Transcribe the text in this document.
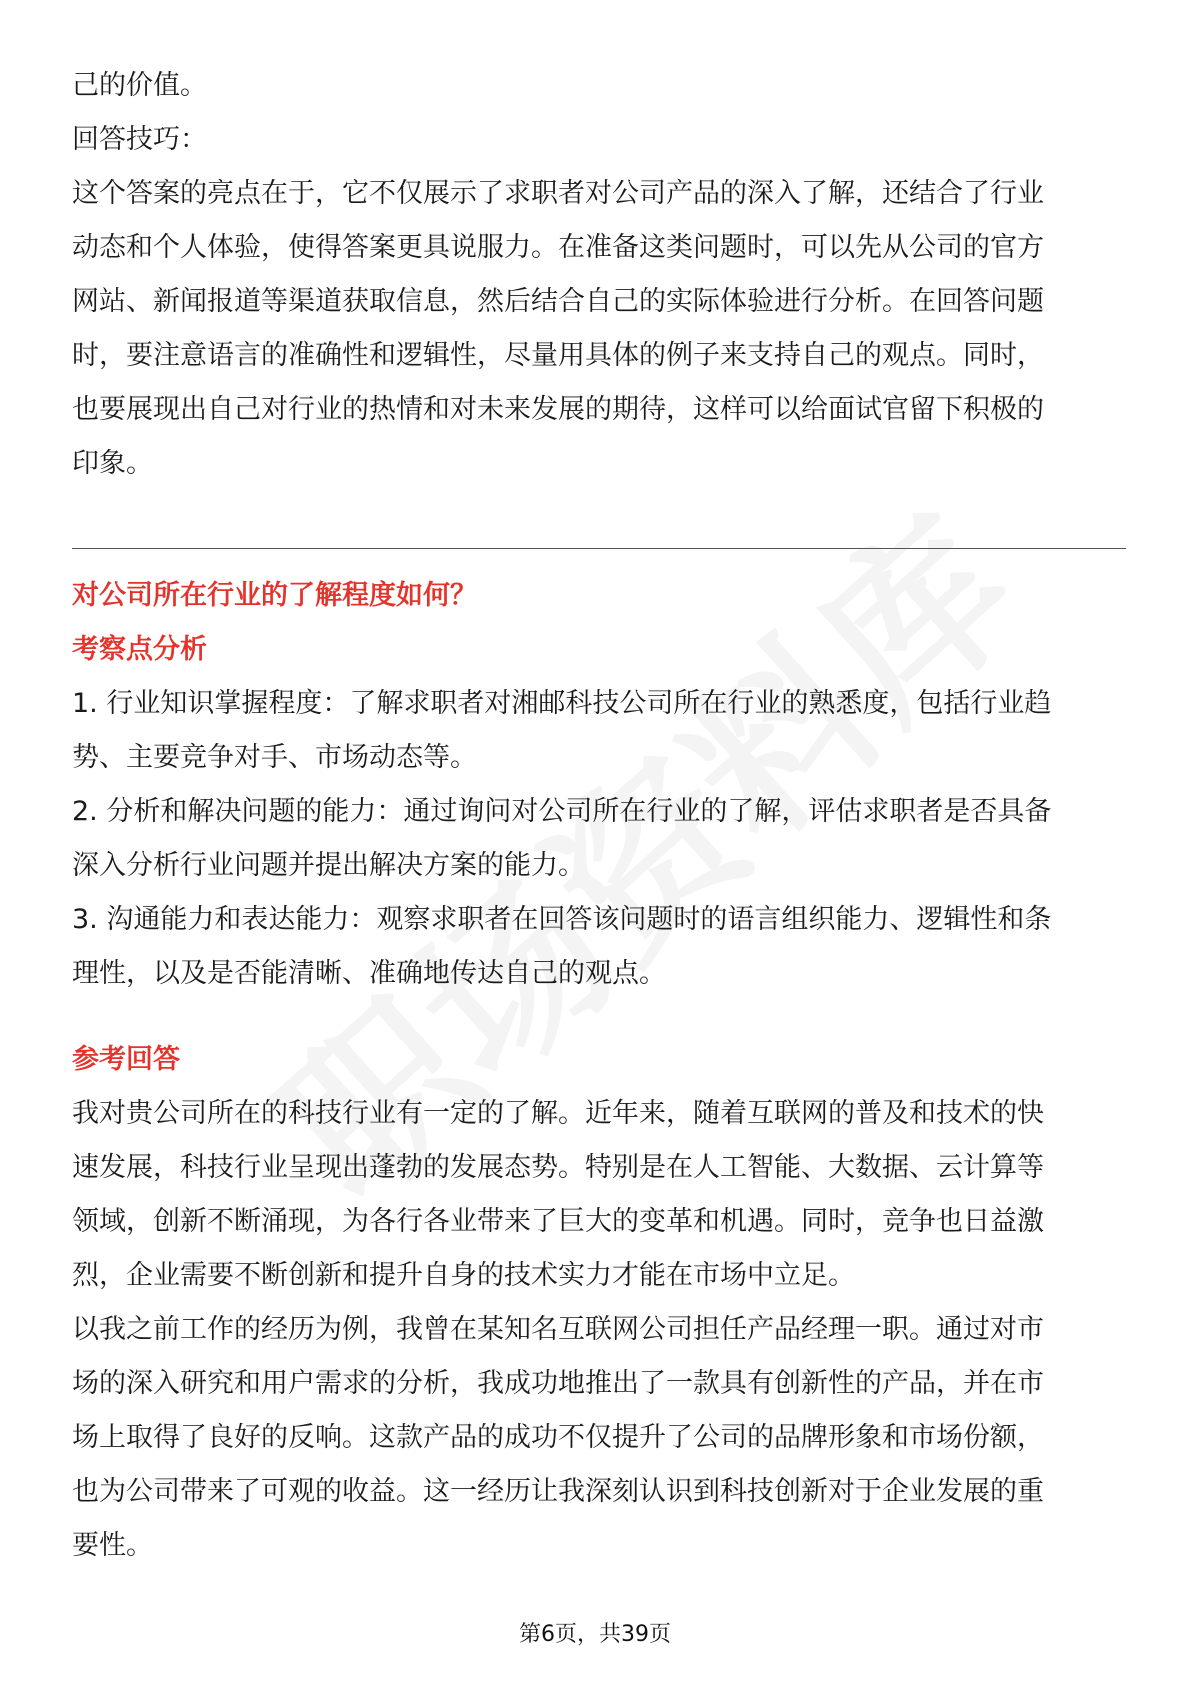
己的价值。
回答技巧：
这个答案的亮点在于，它不仅展示了求职者对公司产品的深入了解，还结合了行业
动态和个人体验，使得答案更具说服力。在准备这类问题时，可以先从公司的官方
网站、新闻报道等渠道获取信息，然后结合自己的实际体验进行分析。在回答问题
时，要注意语言的准确性和逻辑性，尽量用具体的例子来支持自己的观点。同时，
也要展现出自己对行业的热情和对未来发展的期待，这样可以给面试官留下积极的
印象。
对公司所在行业的了解程度如何？
考察点分析
1. 行业知识掌握程度：了解求职者对湘邮科技公司所在行业的熟悉度，包括行业趋
势、主要竞争对手、市场动态等。
2. 分析和解决问题的能力：通过询问对公司所在行业的了解，评估求职者是否具备
深入分析行业问题并提出解决方案的能力。
3. 沟通能力和表达能力：观察求职者在回答该问题时的语言组织能力、逻辑性和条
理性，以及是否能清晰、准确地传达自己的观点。
参考回答
我对贵公司所在的科技行业有一定的了解。近年来，随着互联网的普及和技术的快
速发展，科技行业呈现出蓬勃的发展态势。特别是在人工智能、大数据、云计算等
领域，创新不断涌现，为各行各业带来了巨大的变革和机遇。同时，竞争也日益激
烈，企业需要不断创新和提升自身的技术实力才能在市场中立足。
以我之前工作的经历为例，我曾在某知名互联网公司担任产品经理一职。通过对市
场的深入研究和用户需求的分析，我成功地推出了一款具有创新性的产品，并在市
场上取得了良好的反响。这款产品的成功不仅提升了公司的品牌形象和市场份额，
也为公司带来了可观的收益。这一经历让我深刻认识到科技创新对于企业发展的重
要性。
第6页，共39页
